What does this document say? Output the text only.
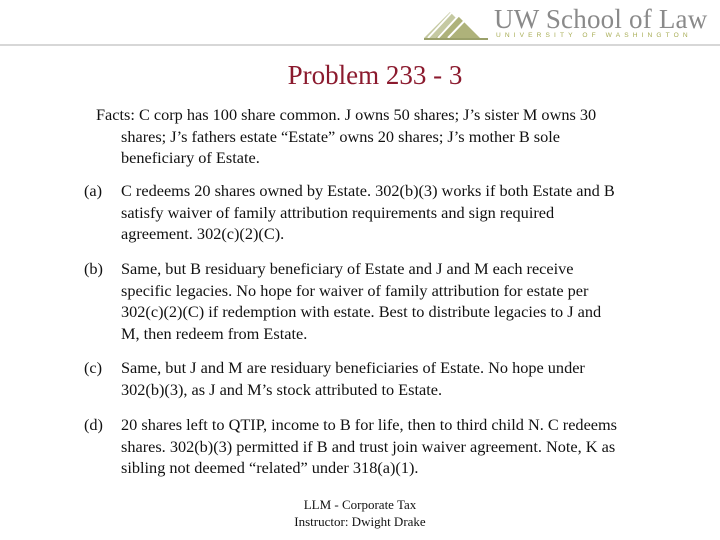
UW School of Law
UNIVERSITY OF WASHINGTON
Problem 233 - 3
Facts: C corp has 100 share common. J owns 50 shares; J’s sister M owns 30
shares; J’s fathers estate “Estate” owns 20 shares; J’s mother B sole
beneficiary of Estate.
(a) C redeems 20 shares owned by Estate. 302(b)(3) works if both Estate and B
satisfy waiver of family attribution requirements and sign required
agreement. 302(c)(2)(C).
(b) Same, but B residuary beneficiary of Estate and J and M each receive
specific legacies. No hope for waiver of family attribution for estate per
302(c)(2)(C) if redemption with estate. Best to distribute legacies to J and
M, then redeem from Estate.
(c) Same, but J and M are residuary beneficiaries of Estate. No hope under
302(b)(3), as J and M’s stock attributed to Estate.
(d) 20 shares left to QTIP, income to B for life, then to third child N. C redeems
shares. 302(b)(3) permitted if B and trust join waiver agreement. Note, K as
sibling not deemed “related” under 318(a)(1).
LLM - Corporate Tax
Instructor: Dwight Drake
